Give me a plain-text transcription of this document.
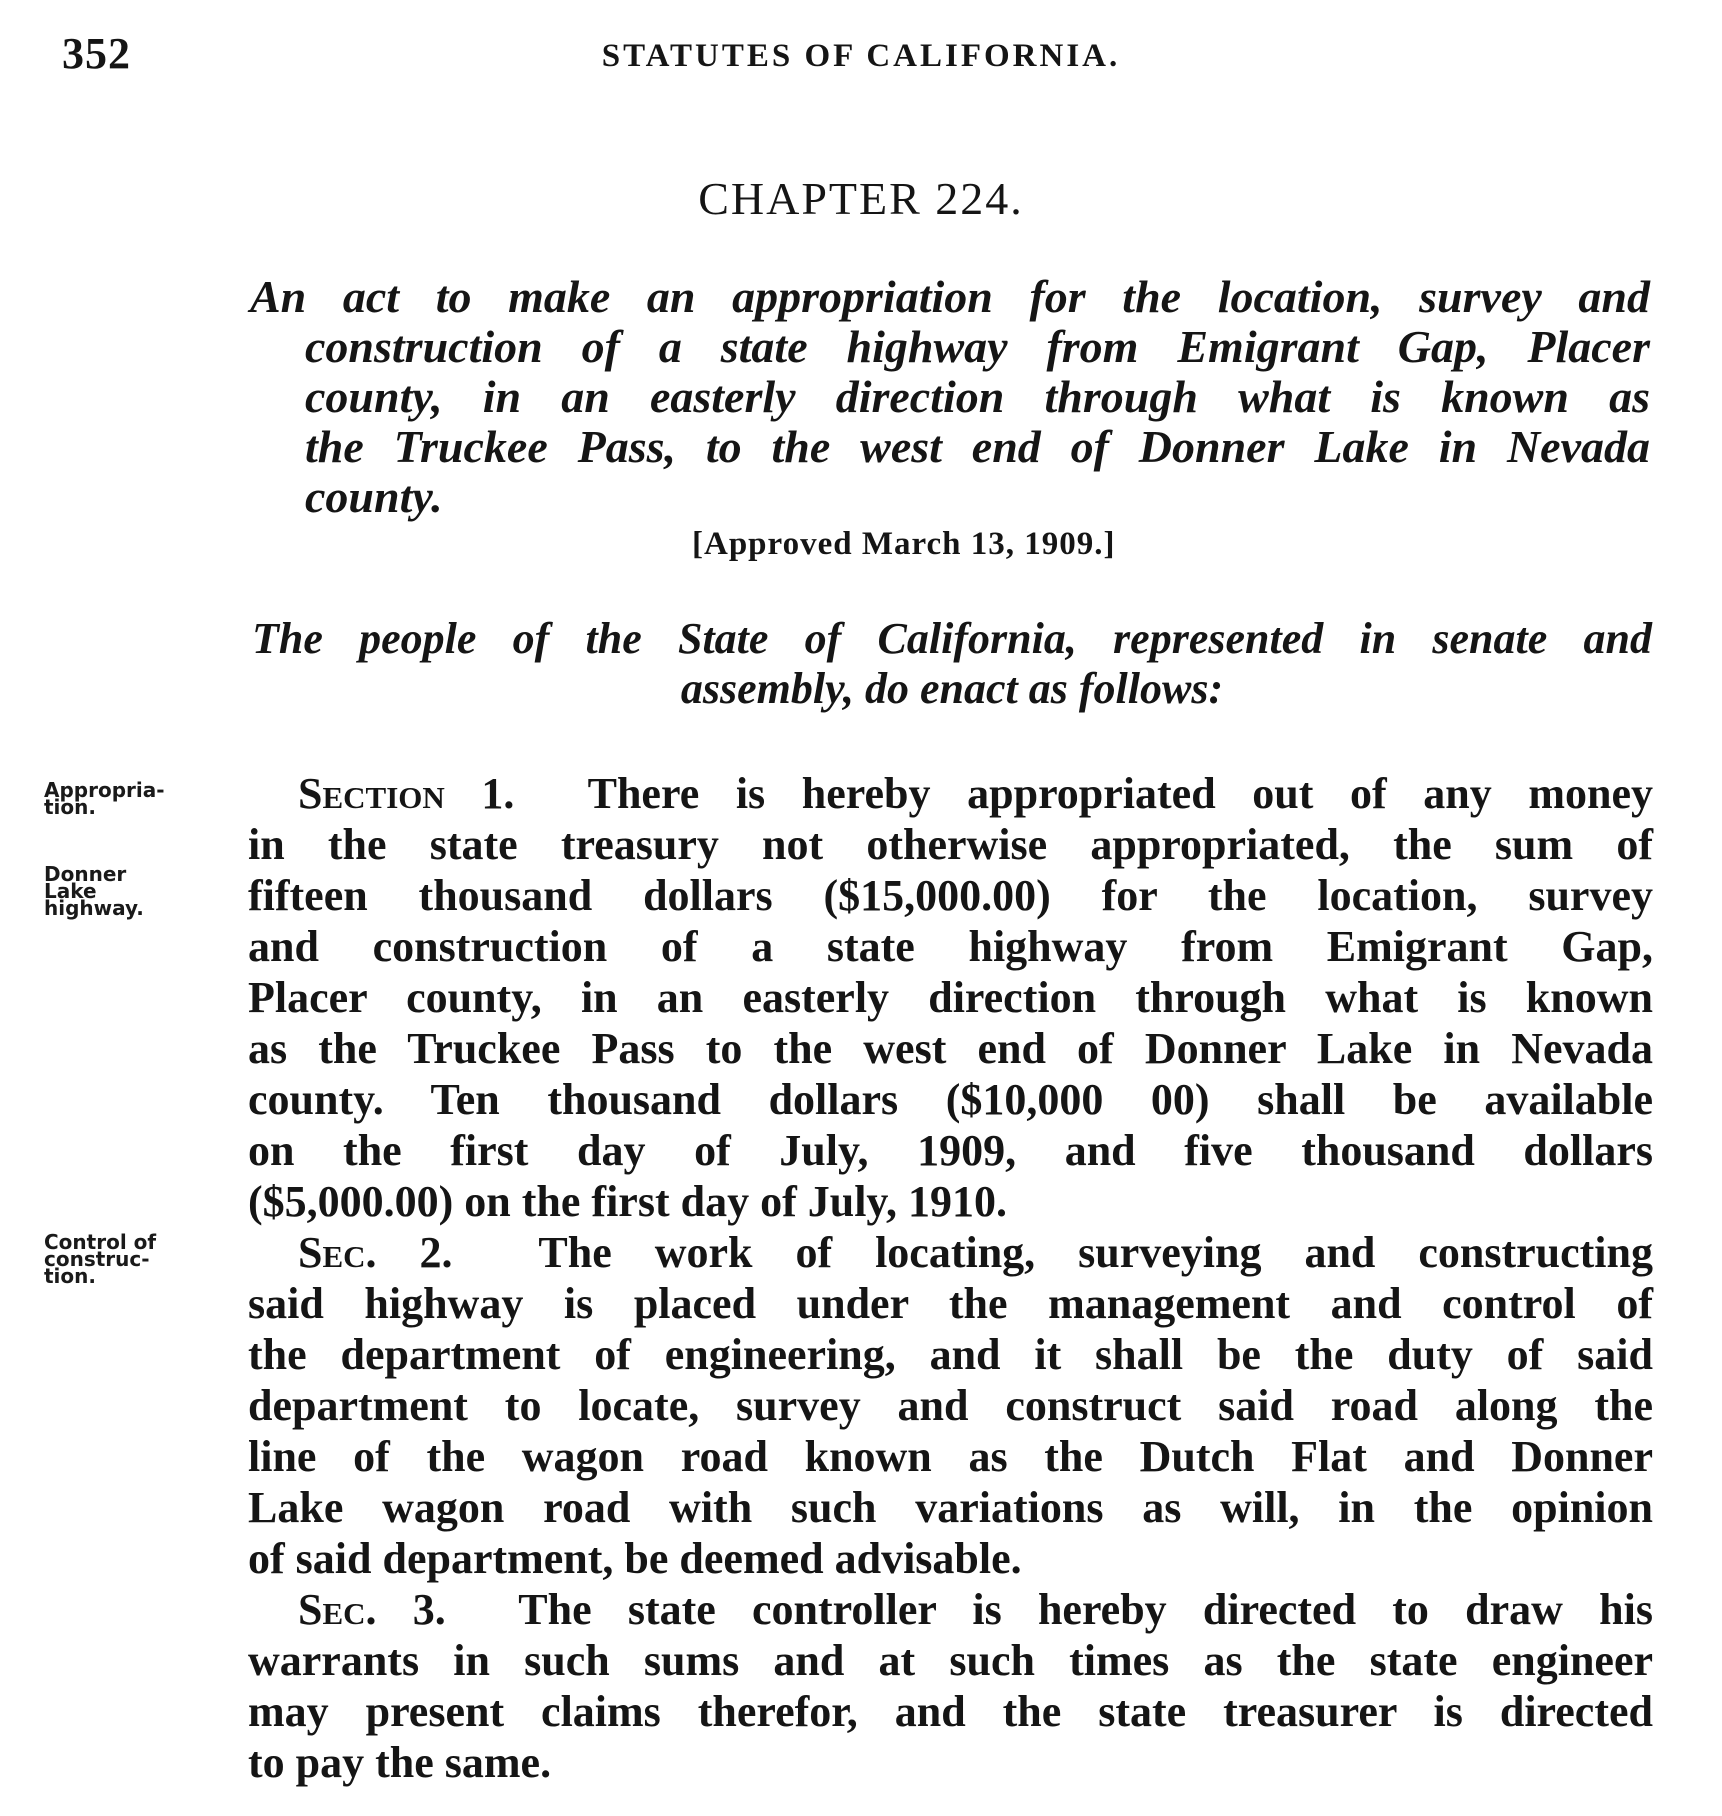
352	STATUTES OF CALIFORNIA.
CHAPTER 224.
An act to make an appropriation for the location, survey and
construction of a state highway from Emigrant Gap, Placer
county, in an easterly direction through what is known as
the Truckee Pass, to the west end of Donner Lake in Nevada
county.
[Approved March 13, 1909.]
The people of the State of California, represented in senate and
assembly, do enact as follows:
Appropria-
tion.
Donner
Lake
highway.
Control of
construc-
tion.
Section 1. There is hereby appropriated out of any money
in the state treasury not otherwise appropriated, the sum of
fifteen thousand dollars ($15,000.00) for the location, survey
and construction of a state highway from Emigrant Gap,
Placer county, in an easterly direction through what is known
as the Truckee Pass to the west end of Donner Lake in Nevada
county. Ten thousand dollars ($10,000 00) shall be available
on the first day of July, 1909, and five thousand dollars
($5,000.00) on the first day of July, 1910.
Sec. 2. The work of locating, surveying and constructing
said highway is placed under the management and control of
the department of engineering, and it shall be the duty of said
department to locate, survey and construct said road along the
line of the wagon road known as the Dutch Flat and Donner
Lake wagon road with such variations as will, in the opinion
of said department, be deemed advisable.
Sec. 3. The state controller is hereby directed to draw his
warrants in such sums and at such times as the state engineer
may present claims therefor, and the state treasurer is directed
to pay the same.
